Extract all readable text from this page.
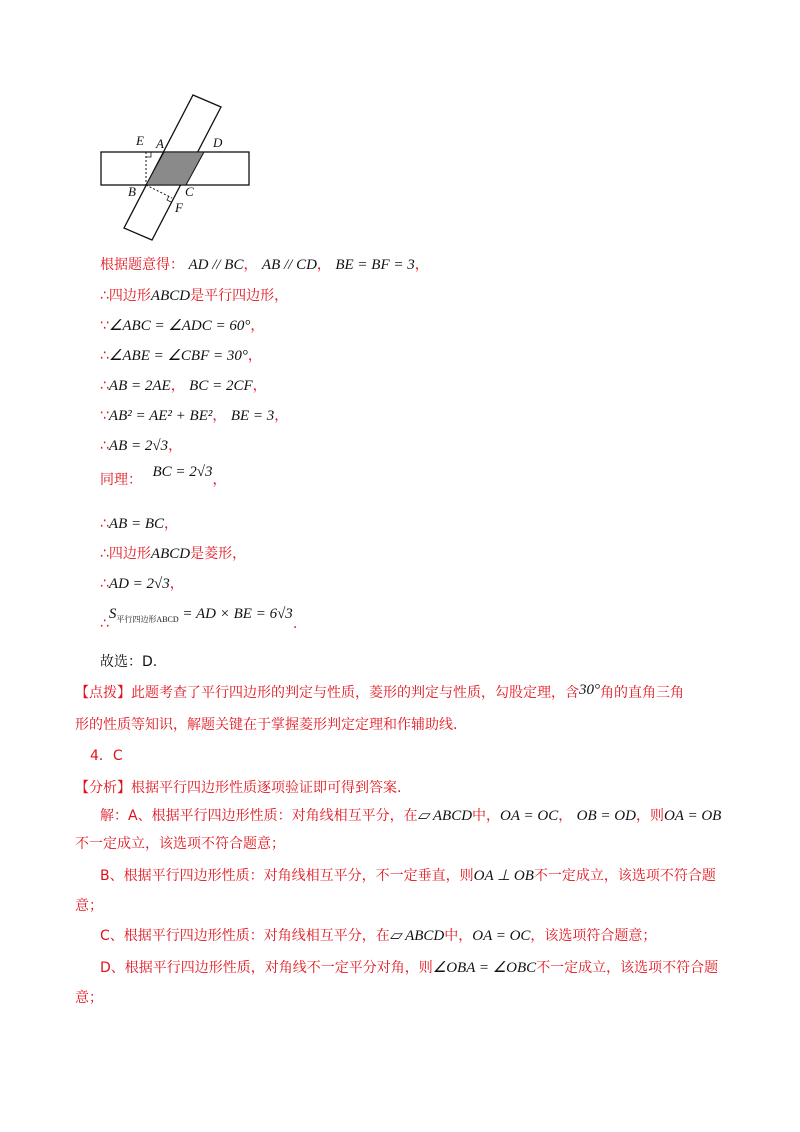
E A	D
B	C
F
根据题意得： AD // BC， AB // CD， BE = BF = 3，
∴四边形ABCD是平行四边形，
∵∠ABC = ∠ADC = 60°，
∴∠ABE = ∠CBF = 30°，
∴AB = 2AE， BC = 2CF，
∵AB² = AE² + BE²， BE = 3，
∴AB = 2√3，
同理： BC = 2√3，
∴AB = BC，
∴四边形ABCD是菱形，
∴AD = 2√3，
$\therefore S_{平行四边形ABCD}$ = AD × BE = 6√3.
故选：D.
【点拨】此题考查了平行四边形的判定与性质，菱形的判定与性质，勾股定理，含30°角的直角三角
形的性质等知识，解题关键在于掌握菱形判定定理和作辅助线.
4．C
【分析】根据平行四边形性质逐项验证即可得到答案.
解：A、根据平行四边形性质：对角线相互平分，在▱ ABCD中，OA = OC， OB = OD，则OA = OB
不一定成立，该选项不符合题意；
B、根据平行四边形性质：对角线相互平分，不一定垂直，则OA ⊥ OB不一定成立，该选项不符合题
意；
C、根据平行四边形性质：对角线相互平分，在▱ ABCD中，OA = OC，该选项符合题意；
D、根据平行四边形性质，对角线不一定平分对角，则∠OBA = ∠OBC不一定成立，该选项不符合题
意；
